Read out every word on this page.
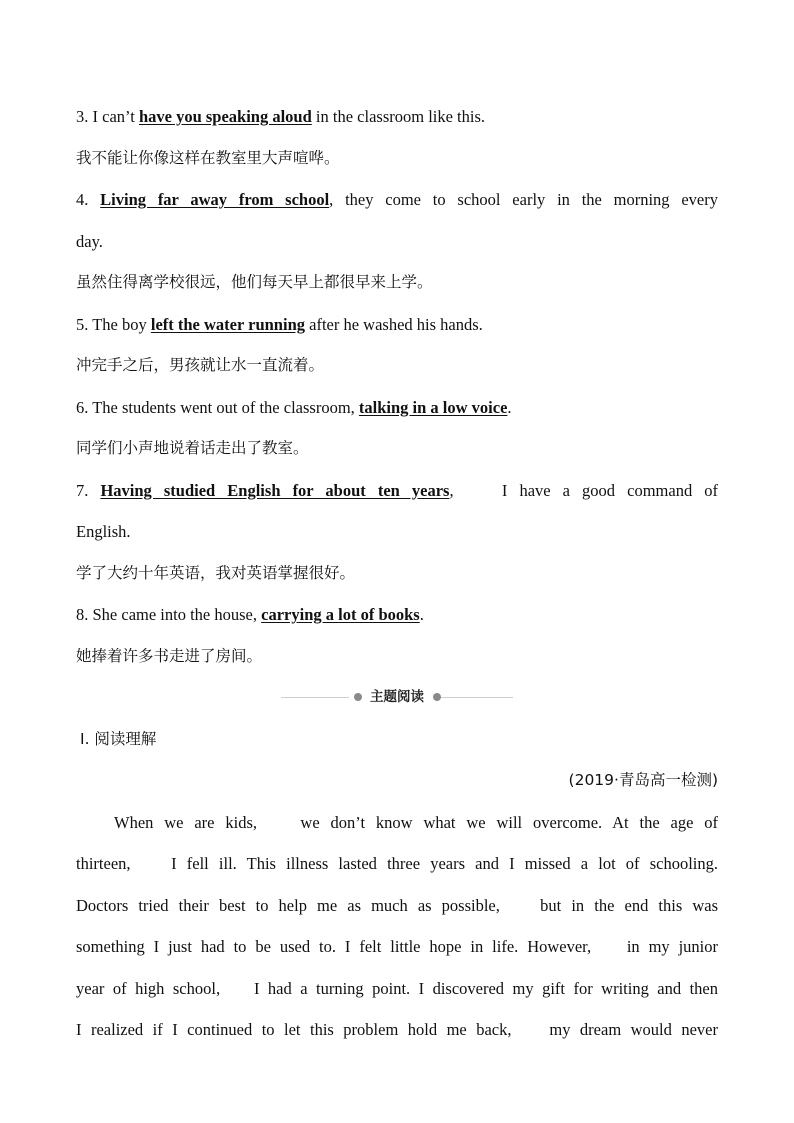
3. I can’t have you speaking aloud in the classroom like this.
我不能让你像这样在教室里大声喧哗。
4. Living far away from school, they come to school early in the morning every
day.
虽然住得离学校很远，他们每天早上都很早来上学。
5. The boy left the water running after he washed his hands.
冲完手之后，男孩就让水一直流着。
6. The students went out of the classroom, talking in a low voice.
同学们小声地说着话走出了教室。
7. Having studied English for about ten years,    I have a good command of
English.
学了大约十年英语，我对英语掌握很好。
8. She came into the house, carrying a lot of books.
她捧着许多书走进了房间。
主题阅读
Ⅰ. 阅读理解
(2019·青岛高一检测)
When we are kids,    we don’t know what we will overcome. At the age of
thirteen,    I fell ill. This illness lasted three years and I missed a lot of schooling.
Doctors tried their best to help me as much as possible,    but in the end this was
something I just had to be used to. I felt little hope in life. However,    in my junior
year of high school,    I had a turning point. I discovered my gift for writing and then
I realized if I continued to let this problem hold me back,    my dream would never
